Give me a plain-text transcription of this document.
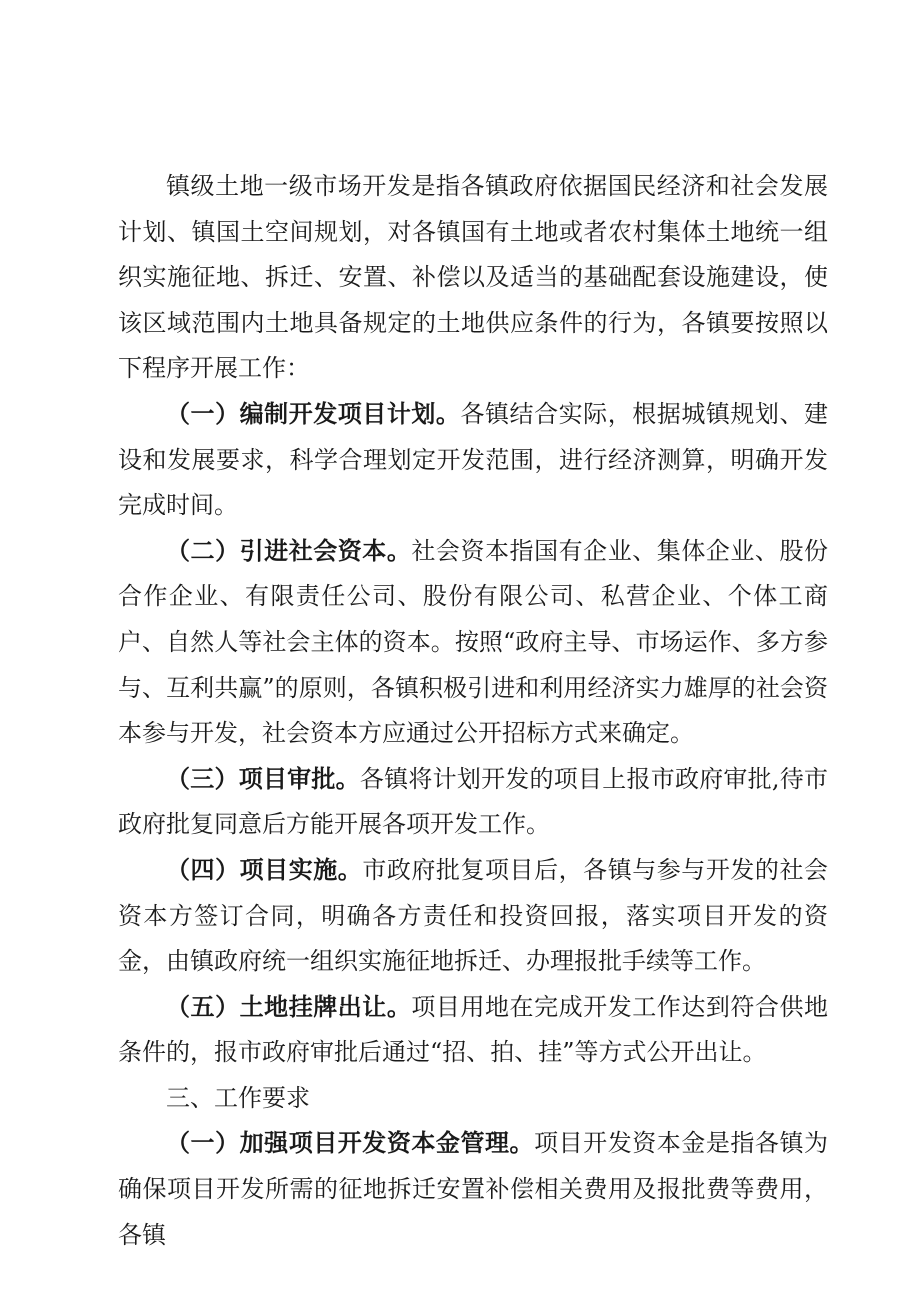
镇级土地一级市场开发是指各镇政府依据国民经济和社会发展计划、镇国土空间规划，对各镇国有土地或者农村集体土地统一组织实施征地、拆迁、安置、补偿以及适当的基础配套设施建设，使该区域范围内土地具备规定的土地供应条件的行为，各镇要按照以下程序开展工作：

（一）编制开发项目计划。各镇结合实际，根据城镇规划、建设和发展要求，科学合理划定开发范围，进行经济测算，明确开发完成时间。

（二）引进社会资本。社会资本指国有企业、集体企业、股份合作企业、有限责任公司、股份有限公司、私营企业、个体工商户、自然人等社会主体的资本。按照“政府主导、市场运作、多方参与、互利共赢”的原则，各镇积极引进和利用经济实力雄厚的社会资本参与开发，社会资本方应通过公开招标方式来确定。

（三）项目审批。各镇将计划开发的项目上报市政府审批,待市政府批复同意后方能开展各项开发工作。

（四）项目实施。市政府批复项目后，各镇与参与开发的社会资本方签订合同，明确各方责任和投资回报，落实项目开发的资金，由镇政府统一组织实施征地拆迁、办理报批手续等工作。

（五）土地挂牌出让。项目用地在完成开发工作达到符合供地条件的，报市政府审批后通过“招、拍、挂”等方式公开出让。

三、工作要求

（一）加强项目开发资本金管理。项目开发资本金是指各镇为确保项目开发所需的征地拆迁安置补偿相关费用及报批费等费用，各镇
